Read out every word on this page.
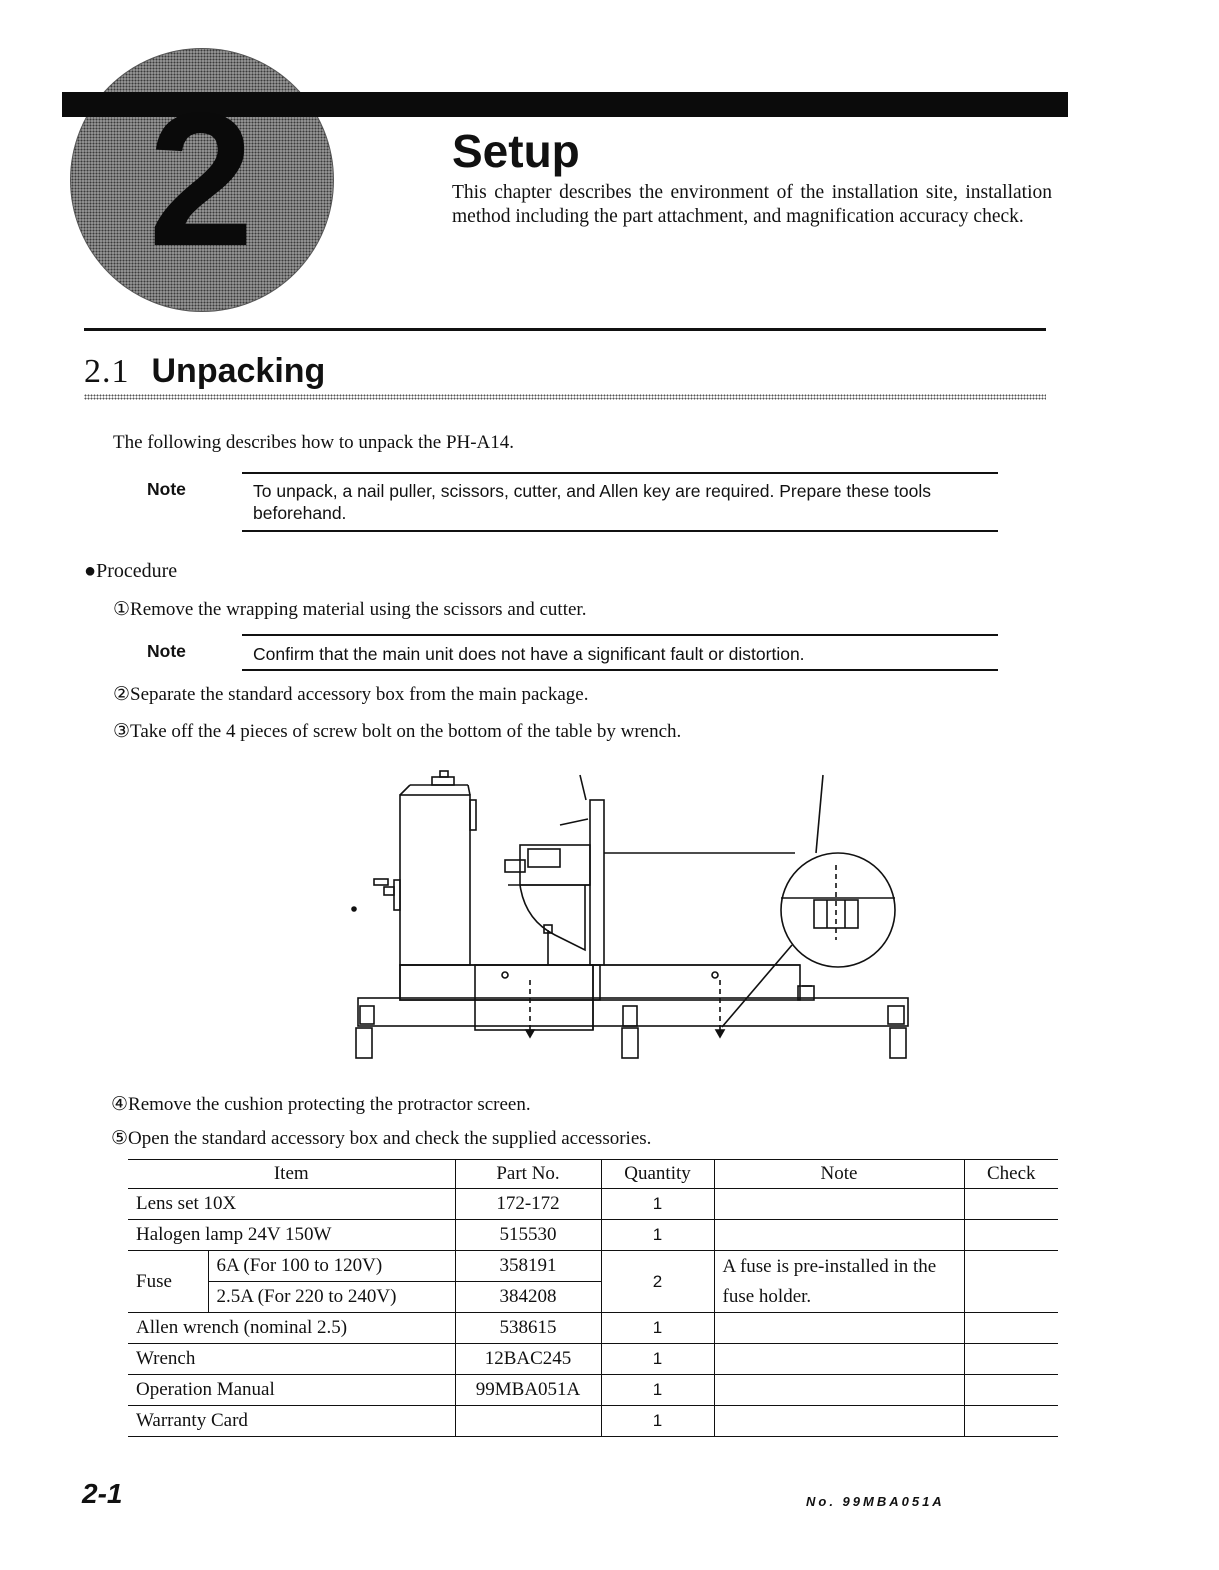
2	Setup
This chapter describes the environment of the installation site, installation method including the part attachment, and magnification accuracy check.
2.1 Unpacking
The following describes how to unpack the PH-A14.
Note	To unpack, a nail puller, scissors, cutter, and Allen key are required. Prepare these tools beforehand.
●Procedure
①Remove the wrapping material using the scissors and cutter.
Note	Confirm that the main unit does not have a significant fault or distortion.
②Separate the standard accessory box from the main package.
③Take off the 4 pieces of screw bolt on the bottom of the table by wrench.
④Remove the cushion protecting the protractor screen.
⑤Open the standard accessory box and check the supplied accessories.
Item		Part No.	Quantity	Note	Check
Lens set 10X		172-172	1		
Halogen lamp 24V 150W		515530	1		
Fuse	6A (For 100 to 120V)	358191	2	A fuse is pre-installed in the fuse holder.	
	2.5A (For 220 to 240V)	384208			
Allen wrench (nominal 2.5)		538615	1		
Wrench		12BAC245	1		
Operation Manual		99MBA051A	1		
Warranty Card			1		
2-1	No. 99MBA051A
